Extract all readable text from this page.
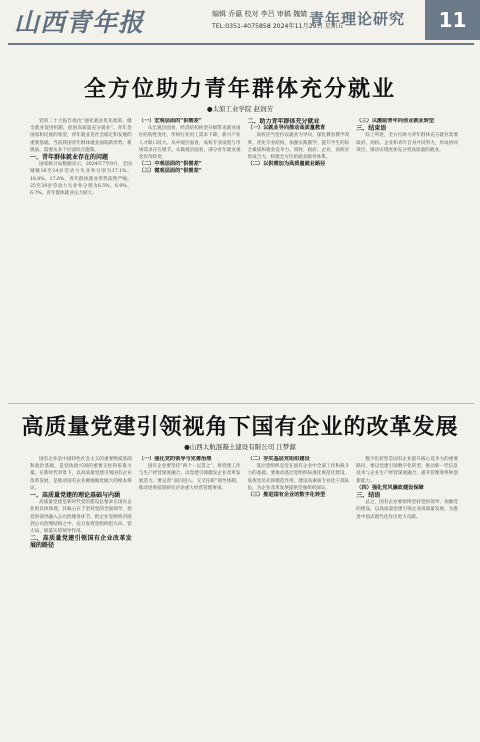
山西青年报	编辑 乔嬴 校对 李吕 审稿 魏婧
TEL:0351-4075858 2024年11月29日 星期五
青年理论研究	11
全方位助力青年群体充分就业
●太原工业学院 赵润芳

党的二十大报告指出“强化就业优先政策，健全就业促进机制，促进高质量充分就业”。青年是国家和民族的希望，青年就业是社会稳定和发展的重要基础。当前我国青年群体就业面临新形势、新挑战，需要从多个层面综合施策。

一、青年群体就业存在的问题

国家统计局数据显示，2024年7至9月，全国城镇16至24岁劳动力失业率分别为17.1%、18.8%、17.6%，青年群体就业形势依然严峻。25至29岁劳动力失业率分别为6.5%、6.9%、6.7%。青年群体就业压力较大。

（一）宏观层面的“供需差”

从宏观层面看，经济结构转型升级带来就业岗位结构性变化，传统行业用工需求下降，新兴产业人才缺口较大。从中观层面看，高校专业设置与市场需求存在脱节。从微观层面看，部分青年就业观念有待转变。

（二）中观层面的“供需差”

（三）微观层面的“供需差”

二、助力青年群体充分就业

（一）以就业导向推动高质量教育

高校应当坚持以就业为导向，深化教育教学改革，优化专业结构，加强实践教学，提升学生的综合素质和就业竞争力。同时，政府、企业、高校应形成合力，构建全方位的就业服务体系。

（二）以供需加为高质量就业路径

（三）以激励青年向创业就业转型

三、结束语

综上所述，全方位助力青年群体充分就业需要政府、高校、企业和青年自身共同努力，形成协同效应，推动实现更加充分更高质量的就业。

高质量党建引领视角下国有企业的改革发展
●山西太航混凝土建设有限公司 江梦源

国有企业是中国特色社会主义的重要物质基础和政治基础，是党执政兴国的重要支柱和依靠力量。在新时代背景下，以高质量党建引领国有企业改革发展，是推动国有企业做强做优做大的根本保证。

一、高质量党建的理论基础与内涵

高质量党建是新时代党的建设总要求在国有企业的具体体现，其核心在于坚持党的全面领导，把党的领导融入公司治理各环节，把企业党组织内嵌到公司治理结构之中，充分发挥党组织把方向、管大局、保落实的领导作用。

二、高质量党建引领国有企业改革发展的路径

（一）强化党的领导与完善治理

国有企业要坚持“两个一以贯之”，将党建工作与生产经营深度融合，以党建引领激发企业改革发展活力。要完善“双向进入、交叉任职”领导体制，推动党委前置研究讨论重大经营管理事项。

（二）夯实基层党组织建设

基层党组织是党在国有企业中全部工作和战斗力的基础。要推动基层党组织标准化规范化建设，发挥党员先锋模范作用，建设高素质专业化干部队伍，为企业改革发展提供坚强组织保证。

（三）推进国有企业的数字化转型

数字化转型是国有企业提升核心竞争力的重要路径。要以党建引领数字化转型，推动新一代信息技术与企业生产经营深度融合，提升管理效率和创新能力。

（四）强化党风廉政建设保障

三、结语

总之，国有企业要始终坚持党的领导、加强党的建设，以高质量党建引领企业高质量发展，为推进中国式现代化作出更大贡献。
